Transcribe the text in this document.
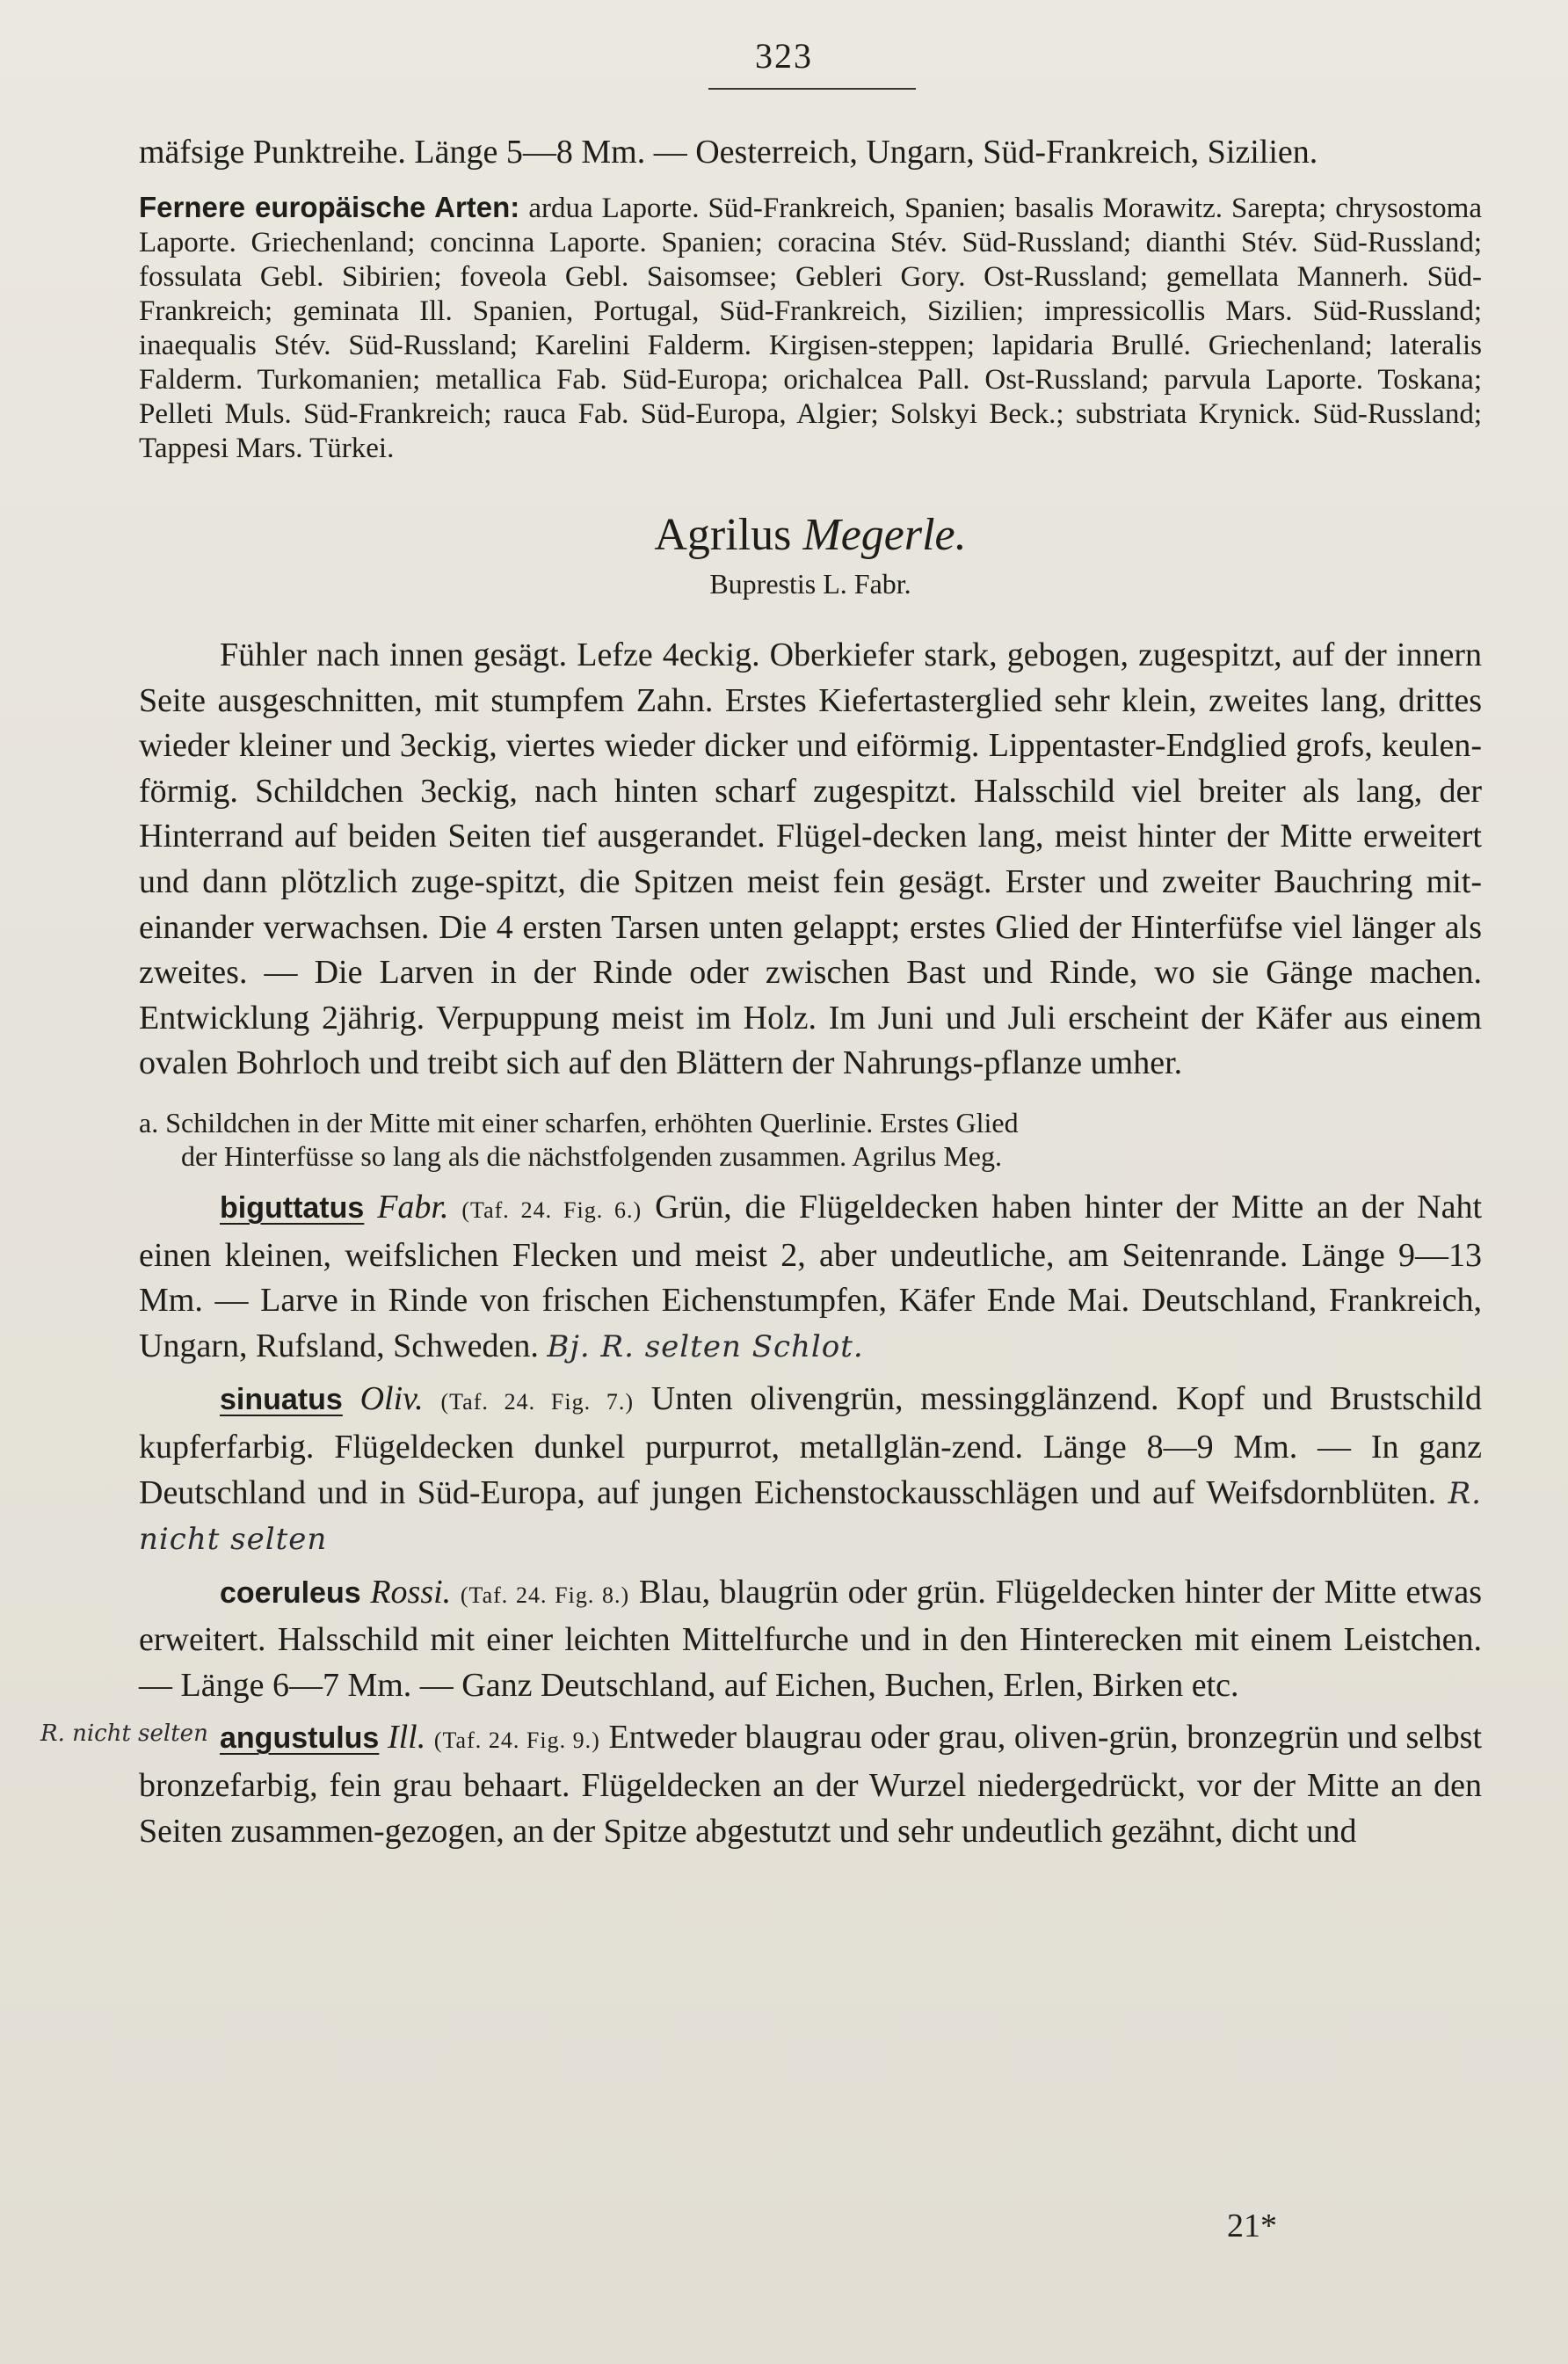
323

mäfsige Punktreihe. Länge 5—8 Mm. — Oesterreich, Ungarn, Süd-Frankreich, Sizilien.

Fernere europäische Arten: ardua Laporte. Süd-Frankreich, Spanien; basalis Morawitz. Sarepta; chrysostoma Laporte. Griechenland; concinna Laporte. Spanien; coracina Stév. Süd-Russland; dianthi Stév. Süd-Russland; fossulata Gebl. Sibirien; foveola Gebl. Saisomsee; Gebleri Gory. Ost-Russland; gemellata Mannerh. Süd-Frankreich; geminata Ill. Spanien, Portugal, Süd-Frankreich, Sizilien; impressicollis Mars. Süd-Russland; inaequalis Stév. Süd-Russland; Karelini Falderm. Kirgisen-steppen; lapidaria Brullé. Griechenland; lateralis Falderm. Turkomanien; metallica Fab. Süd-Europa; orichalcea Pall. Ost-Russland; parvula Laporte. Toskana; Pelleti Muls. Süd-Frankreich; rauca Fab. Süd-Europa, Algier; Solskyi Beck.; substriata Krynick. Süd-Russland; Tappesi Mars. Türkei.

Agrilus Megerle.
Buprestis L. Fabr.

Fühler nach innen gesägt. Lefze 4eckig. Oberkiefer stark, gebogen, zugespitzt, auf der innern Seite ausgeschnitten, mit stumpfem Zahn. Erstes Kiefertasterglied sehr klein, zweites lang, drittes wieder kleiner und 3eckig, viertes wieder dicker und eiförmig. Lippentaster-Endglied grofs, keulen-förmig. Schildchen 3eckig, nach hinten scharf zugespitzt. Halsschild viel breiter als lang, der Hinterrand auf beiden Seiten tief ausgerandet. Flügel-decken lang, meist hinter der Mitte erweitert und dann plötzlich zuge-spitzt, die Spitzen meist fein gesägt. Erster und zweiter Bauchring mit-einander verwachsen. Die 4 ersten Tarsen unten gelappt; erstes Glied der Hinterfüfse viel länger als zweites. — Die Larven in der Rinde oder zwischen Bast und Rinde, wo sie Gänge machen. Entwicklung 2jährig. Verpuppung meist im Holz. Im Juni und Juli erscheint der Käfer aus einem ovalen Bohrloch und treibt sich auf den Blättern der Nahrungs-pflanze umher.

a. Schildchen in der Mitte mit einer scharfen, erhöhten Querlinie. Erstes Glied
der Hinterfüsse so lang als die nächstfolgenden zusammen. Agrilus Meg.

biguttatus Fabr. (Taf. 24. Fig. 6.) Grün, die Flügeldecken haben hinter der Mitte an der Naht einen kleinen, weifslichen Flecken und meist 2, aber undeutliche, am Seitenrande. Länge 9—13 Mm. — Larve in Rinde von frischen Eichenstumpfen, Käfer Ende Mai. Deutschland, Frankreich, Ungarn, Rufsland, Schweden. Bj. R. selten Schlot.

sinuatus Oliv. (Taf. 24. Fig. 7.) Unten olivengrün, messingglänzend. Kopf und Brustschild kupferfarbig. Flügeldecken dunkel purpurrot, metallglän-zend. Länge 8—9 Mm. — In ganz Deutschland und in Süd-Europa, auf jungen Eichenstockausschlägen und auf Weifsdornblüten. R. nicht selten

coeruleus Rossi. (Taf. 24. Fig. 8.) Blau, blaugrün oder grün. Flügeldecken hinter der Mitte etwas erweitert. Halsschild mit einer leichten Mittelfurche und in den Hinterecken mit einem Leistchen. — Länge 6—7 Mm. — Ganz Deutschland, auf Eichen, Buchen, Erlen, Birken etc.

R. nicht selten angustulus Ill. (Taf. 24. Fig. 9.) Entweder blaugrau oder grau, oliven-grün, bronzegrün und selbst bronzefarbig, fein grau behaart. Flügeldecken an der Wurzel niedergedrückt, vor der Mitte an den Seiten zusammen-gezogen, an der Spitze abgestutzt und sehr undeutlich gezähnt, dicht und

21*
